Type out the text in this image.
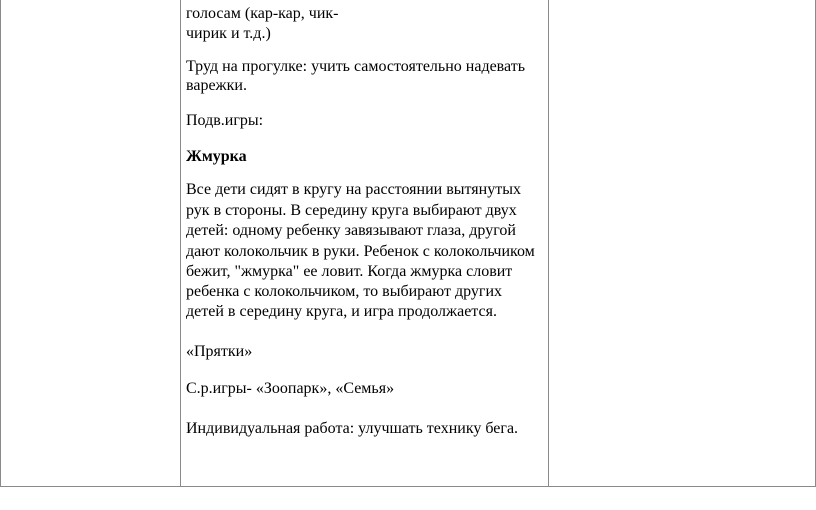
голосам (кар-кар, чик-
чирик и т.д.)
Труд на прогулке: учить самостоятельно надевать
варежки.
Подв.игры:
Жмурка
Все дети сидят в кругу на расстоянии вытянутых
рук в стороны. В середину круга выбирают двух
детей: одному ребенку завязывают глаза, другой
дают колокольчик в руки. Ребенок с колокольчиком
бежит, "жмурка" ее ловит. Когда жмурка словит
ребенка с колокольчиком, то выбирают других
детей в середину круга, и игра продолжается.
«Прятки»
С.р.игры- «Зоопарк», «Семья»
Индивидуальная работа: улучшать технику бега.
